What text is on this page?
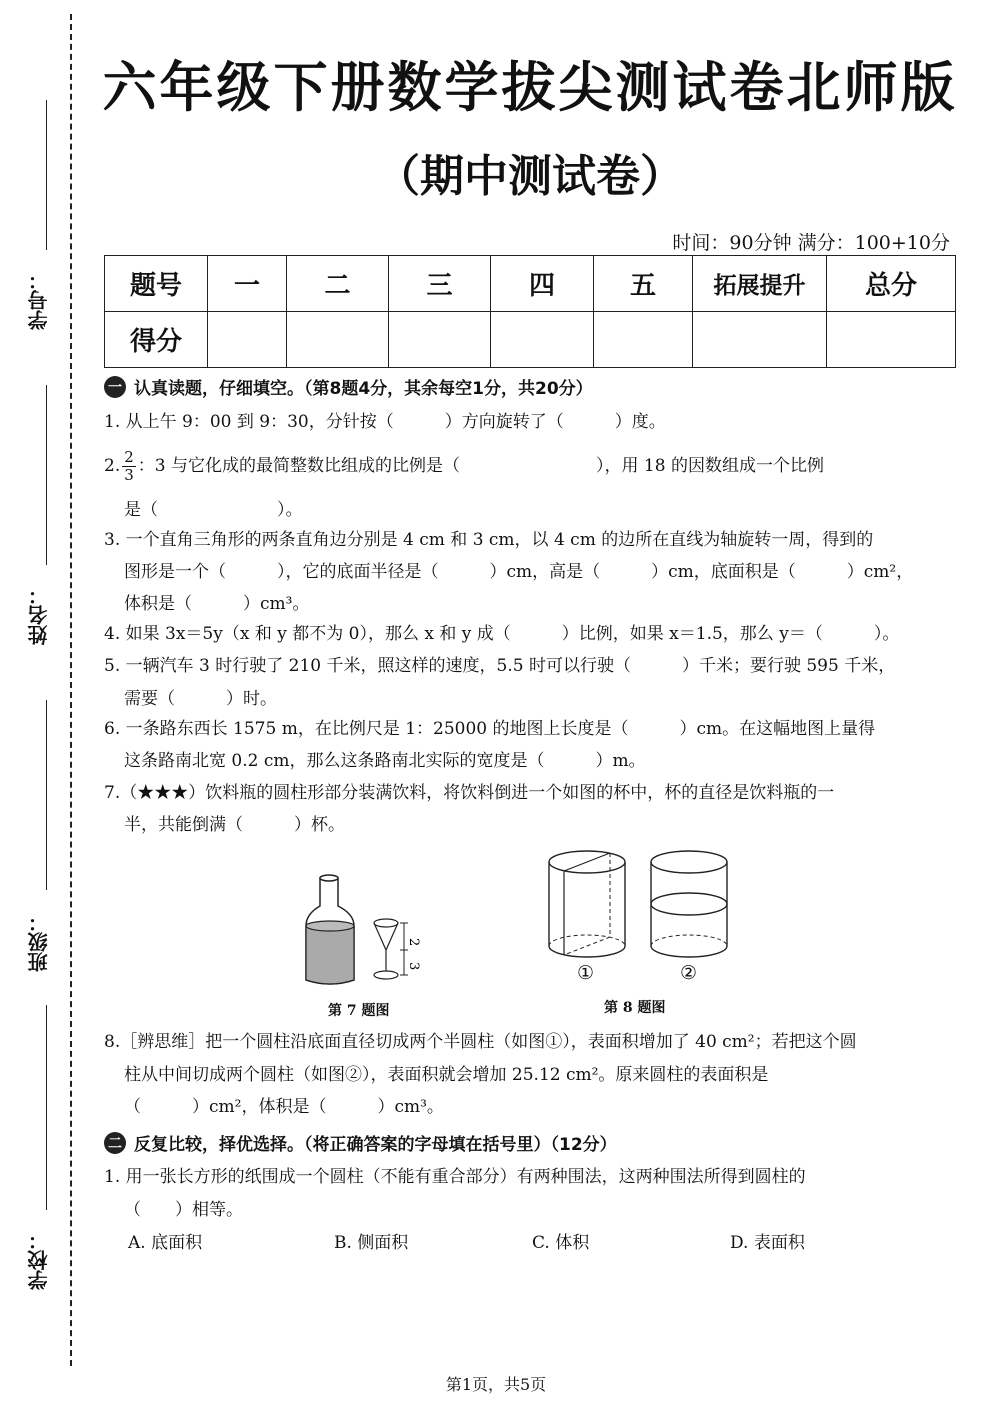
学号：
姓名：
班级：
学校：
六年级下册数学拔尖测试卷北师版
（期中测试卷）
时间：90分钟 满分：100+10分
题号	一	二	三	四	五	拓展提升	总分
得分							
一 认真读题，仔细填空。（第8题4分，其余每空1分，共20分）
1. 从上午 9：00 到 9：30，分针按（　　　）方向旋转了（　　　）度。
2. $\frac{2}{3}$ ：3 与它化成的最简整数比组成的比例是（　　　　　　　　），用 18 的因数组成一个比例
是（　　　　　　　）。
3. 一个直角三角形的两条直角边分别是 4 cm 和 3 cm，以 4 cm 的边所在直线为轴旋转一周，得到的
图形是一个（　　　），它的底面半径是（　　　）cm，高是（　　　）cm，底面积是（　　　）cm²，
体积是（　　　）cm³。
4. 如果 3x＝5y（x 和 y 都不为 0），那么 x 和 y 成（　　　）比例，如果 x＝1.5，那么 y＝（　　　）。
5. 一辆汽车 3 时行驶了 210 千米，照这样的速度，5.5 时可以行驶（　　　）千米；要行驶 595 千米，
需要（　　　）时。
6. 一条路东西长 1575 m，在比例尺是 1：25000 的地图上长度是（　　　）cm。在这幅地图上量得
这条路南北宽 0.2 cm，那么这条路南北实际的宽度是（　　　）m。
7.（★★★）饮料瓶的圆柱形部分装满饮料，将饮料倒进一个如图的杯中，杯的直径是饮料瓶的一
半，共能倒满（　　　）杯。
2
3
第 7 题图
①	②
第 8 题图
8.［辨思维］把一个圆柱沿底面直径切成两个半圆柱（如图①），表面积增加了 40 cm²；若把这个圆
柱从中间切成两个圆柱（如图②），表面积就会增加 25.12 cm²。原来圆柱的表面积是
（　　　）cm²，体积是（　　　）cm³。
二 反复比较，择优选择。（将正确答案的字母填在括号里）（12分）
1. 用一张长方形的纸围成一个圆柱（不能有重合部分）有两种围法，这两种围法所得到圆柱的
（　　）相等。
A. 底面积	B. 侧面积	C. 体积	D. 表面积
第1页，共5页
